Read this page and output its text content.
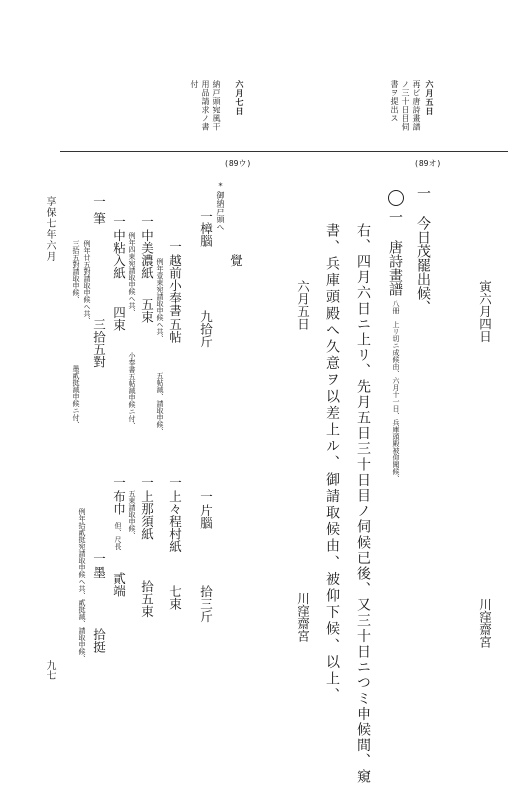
六月五日
再ビ唐詩畫譜
ノ三十日目伺
書ヲ提出ス
六月七日
納戸頭宛風干
用品請求ノ書
付
(89オ)
(89ウ)
寅六月四日
川窪齋宮
一 今日茂罷出候、
一 唐詩畫譜
八冊　上リ切ニ成候由、六月十一日、兵庫頭殿被仰聞候、
右、四月六日ニ上リ、先月五日三十日目ノ伺候已後、又三十日ニつミ申候間、窺
書、兵庫頭殿へ久意ヲ以差上ル、御請取候由、被仰下候、以上、
六月五日
川窪齋宮
*御納戸頭へ
覺
一
樟腦
九拾斤
一
片腦
拾三斤
一
越前小奉書
五帖
例年壹束宛請取申候ヘ共、
五帖減、請取申候、
一
上々程村紙
七束
一
中美濃紙
五束
例年四束宛請取申候ヘ共、
小奉書五帖減申候ニ付、
一
上那須紙
拾五束
五束請取申候、
一
中粘入紙
四束
一
布巾
但、尺長
貳端
一
筆
三拾五對
例年廿五對請取申候ヘ共、
三拾五對請取申候、
墨貳挺減申候ニ付、
一
墨
拾挺
例年拾貳挺宛請取申候ヘ共、貳挺減、請取申候、
享保七年六月
九七
